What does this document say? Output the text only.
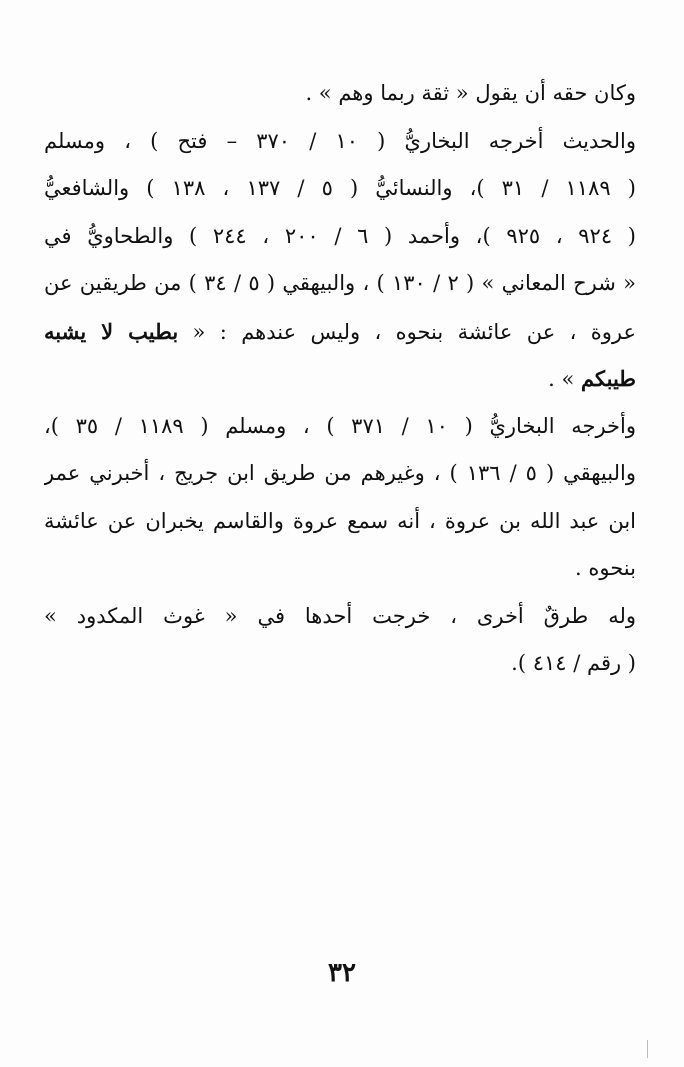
وكان حقه أن يقول « ثقة ربما وهم » .
والحديث أخرجه البخاريُّ ( ١٠ / ٣٧٠ – فتح ) ، ومسلم
( ١١٨٩ / ٣١ )، والنسائيُّ ( ٥ / ١٣٧ ، ١٣٨ ) والشافعيُّ
( ٩٢٤ ، ٩٢٥ )، وأحمد ( ٦ / ٢٠٠ ، ٢٤٤ ) والطحاويُّ في
« شرح المعاني » ( ٢ / ١٣٠ ) ، والبيهقي ( ٥ / ٣٤ ) من طريقين عن
عروة ، عن عائشة بنحوه ، وليس عندهم : « بطيب لا يشبه
طيبكم » .
وأخرجه البخاريُّ ( ١٠ / ٣٧١ ) ، ومسلم ( ١١٨٩ / ٣٥ )،
والبيهقي ( ٥ / ١٣٦ ) ، وغيرهم من طريق ابن جريج ، أخبرني عمر
ابن عبد الله بن عروة ، أنه سمع عروة والقاسم يخبران عن عائشة
بنحوه .
وله طرقٌ أخرى ، خرجت أحدها في « غوث المكدود »
( رقم / ٤١٤ ).
٣٢
